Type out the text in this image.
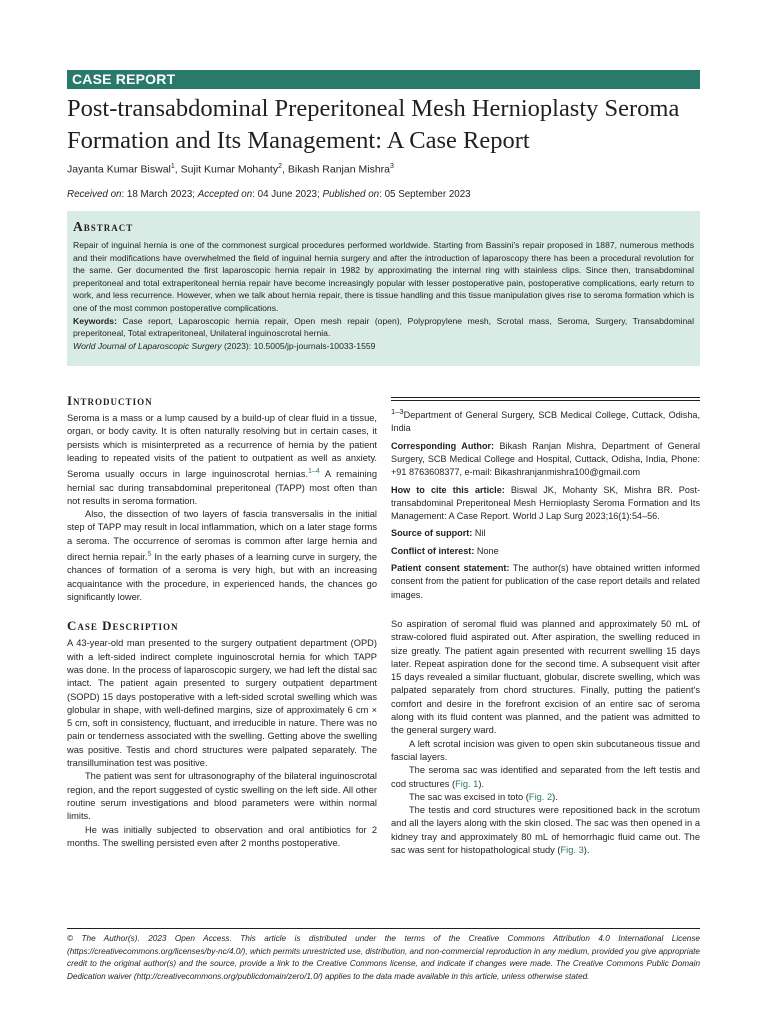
CASE REPORT
Post-transabdominal Preperitoneal Mesh Hernioplasty Seroma Formation and Its Management: A Case Report
Jayanta Kumar Biswal$^1$, Sujit Kumar Mohanty$^2$, Bikash Ranjan Mishra$^3$
Received on: 18 March 2023; Accepted on: 04 June 2023; Published on: 05 September 2023
Abstract

Repair of inguinal hernia is one of the commonest surgical procedures performed worldwide. Starting from Bassini's repair proposed in 1887, numerous methods and their modifications have overwhelmed the field of inguinal hernia surgery and after the introduction of laparoscopy there has been a procedural revolution for the same. Ger documented the first laparoscopic hernia repair in 1982 by approximating the internal ring with stainless clips. Since then, transabdominal preperitoneal and total extraperitoneal hernia repair have become increasingly popular with lesser postoperative pain, postoperative complications, early return to work, and less recurrence. However, when we talk about hernia repair, there is tissue handling and this tissue manipulation gives rise to seroma formation which is one of the most common postoperative complications.

Keywords: Case report, Laparoscopic hernia repair, Open mesh repair (open), Polypropylene mesh, Scrotal mass, Seroma, Surgery, Transabdominal preperitoneal, Total extraperitoneal, Unilateral inguinoscrotal hernia.

World Journal of Laparoscopic Surgery (2023): 10.5005/jp-journals-10033-1559

Introduction

Seroma is a mass or a lump caused by a build-up of clear fluid in a tissue, organ, or body cavity. It is often naturally resolving but in certain cases, it persists which is misinterpreted as a recurrence of hernia by the patient leading to repeated visits of the patient to outpatient as well as anxiety. Seroma usually occurs in large inguinoscrotal hernias.$^{1-4}$ A remaining hernial sac during transabdominal preperitoneal (TAPP) most often than not results in seroma formation.

Also, the dissection of two layers of fascia transversalis in the initial step of TAPP may result in local inflammation, which on a later stage forms a seroma. The occurrence of seromas is common after large hernia and direct hernia repair.$^5$ In the early phases of a learning curve in surgery, the chances of formation of a seroma is very high, but with an increasing acquaintance with the procedure, in experienced hands, the chances go significantly lower.

Case Description

A 43-year-old man presented to the surgery outpatient department (OPD) with a left-sided indirect complete inguinoscrotal hernia for which TAPP was done. In the process of laparoscopic surgery, we had left the distal sac intact. The patient again presented to surgery outpatient department (SOPD) 15 days postoperative with a left-sided scrotal swelling which was globular in shape, with well-defined margins, size of approximately 6 cm × 5 cm, soft in consistency, fluctuant, and irreducible in nature. There was no pain or tenderness associated with the swelling. Getting above the swelling was positive. Testis and chord structures were palpated separately. The transillumination test was positive.

The patient was sent for ultrasonography of the bilateral inguinoscrotal region, and the report suggested of cystic swelling on the left side. All other routine serum investigations and blood parameters were within normal limits.

He was initially subjected to observation and oral antibiotics for 2 months. The swelling persisted even after 2 months postoperative.

$^{1-3}$Department of General Surgery, SCB Medical College, Cuttack, Odisha, India

Corresponding Author: Bikash Ranjan Mishra, Department of General Surgery, SCB Medical College and Hospital, Cuttack, Odisha, India, Phone: +91 8763608377, e-mail: Bikashranjanmishra100@gmail.com

How to cite this article: Biswal JK, Mohanty SK, Mishra BR. Post-transabdominal Preperitoneal Mesh Hernioplasty Seroma Formation and Its Management: A Case Report. World J Lap Surg 2023;16(1):54–56.

Source of support: Nil

Conflict of interest: None

Patient consent statement: The author(s) have obtained written informed consent from the patient for publication of the case report details and related images.

So aspiration of seromal fluid was planned and approximately 50 mL of straw-colored fluid aspirated out. After aspiration, the swelling reduced in size greatly. The patient again presented with recurrent swelling 15 days later. Repeat aspiration done for the second time. A subsequent visit after 15 days revealed a similar fluctuant, globular, discrete swelling, which was palpated separately from chord structures. Finally, putting the patient's comfort and desire in the forefront excision of an entire sac of seroma along with its fluid content was planned, and the patient was admitted to the general surgery ward.

A left scrotal incision was given to open skin subcutaneous tissue and fascial layers.

The seroma sac was identified and separated from the left testis and cod structures (Fig. 1).

The sac was excised in toto (Fig. 2).

The testis and cord structures were repositioned back in the scrotum and all the layers along with the skin closed. The sac was then opened in a kidney tray and approximately 80 mL of hemorrhagic fluid came out. The sac was sent for histopathological study (Fig. 3).

© The Author(s). 2023 Open Access. This article is distributed under the terms of the Creative Commons Attribution 4.0 International License (https://creativecommons.org/licenses/by-nc/4.0/), which permits unrestricted use, distribution, and non-commercial reproduction in any medium, provided you give appropriate credit to the original author(s) and the source, provide a link to the Creative Commons license, and indicate if changes were made. The Creative Commons Public Domain Dedication waiver (http://creativecommons.org/publicdomain/zero/1.0/) applies to the data made available in this article, unless otherwise stated.
